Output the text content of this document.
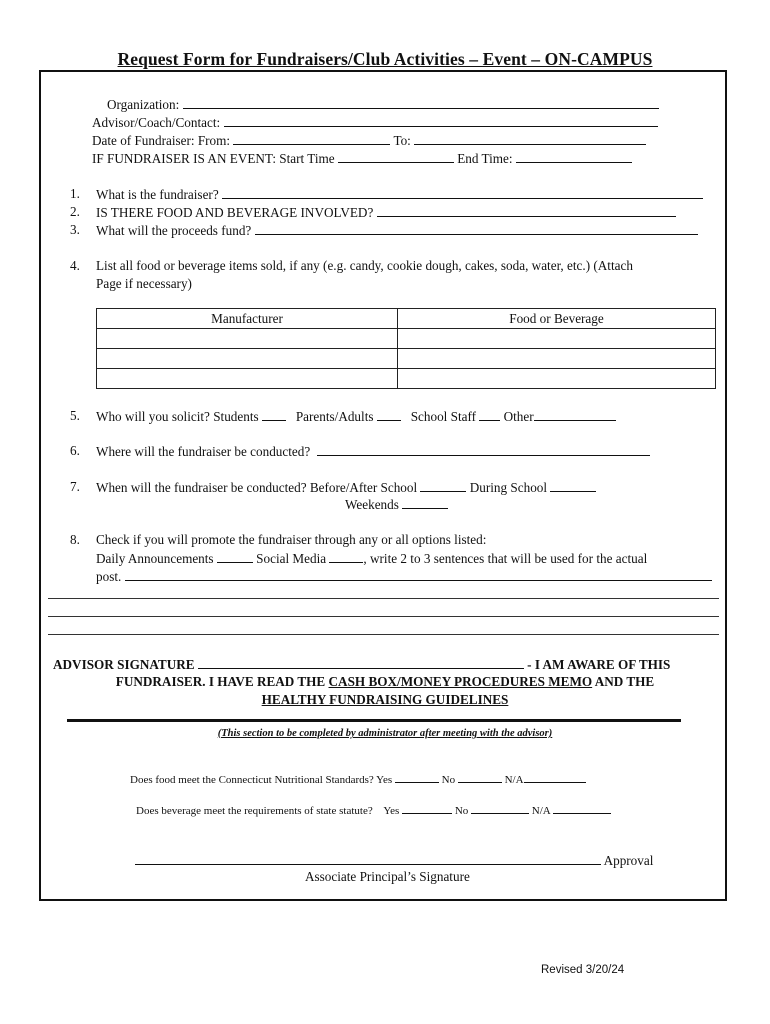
Request Form for Fundraisers/Club Activities – Event – ON-CAMPUS
Organization:
Advisor/Coach/Contact:
Date of Fundraiser: From:	To:
IF FUNDRAISER IS AN EVENT: Start Time	End Time:
1. What is the fundraiser?
2. IS THERE FOOD AND BEVERAGE INVOLVED?
3. What will the proceeds fund?
4. List all food or beverage items sold, if any (e.g. candy, cookie dough, cakes, soda, water, etc.) (Attach
Page if necessary)
Manufacturer	Food or Beverage

5. Who will you solicit? Students	Parents/Adults	School Staff Other
6. Where will the fundraiser be conducted?
7. When will the fundraiser be conducted? Before/After School	During School
Weekends
8. Check if you will promote the fundraiser through any or all options listed:
Daily Announcements	Social Media	, write 2 to 3 sentences that will be used for the actual
post.
ADVISOR SIGNATURE	- I AM AWARE OF THIS
FUNDRAISER. I HAVE READ THE CASH BOX/MONEY PROCEDURES MEMO AND THE
HEALTHY FUNDRAISING GUIDELINES
(This section to be completed by administrator after meeting with the advisor)
Does food meet the Connecticut Nutritional Standards? Yes	No	N/A
Does beverage meet the requirements of state statute? Yes	No	N/A
Approval
Associate Principal’s Signature
Revised 3/20/24
